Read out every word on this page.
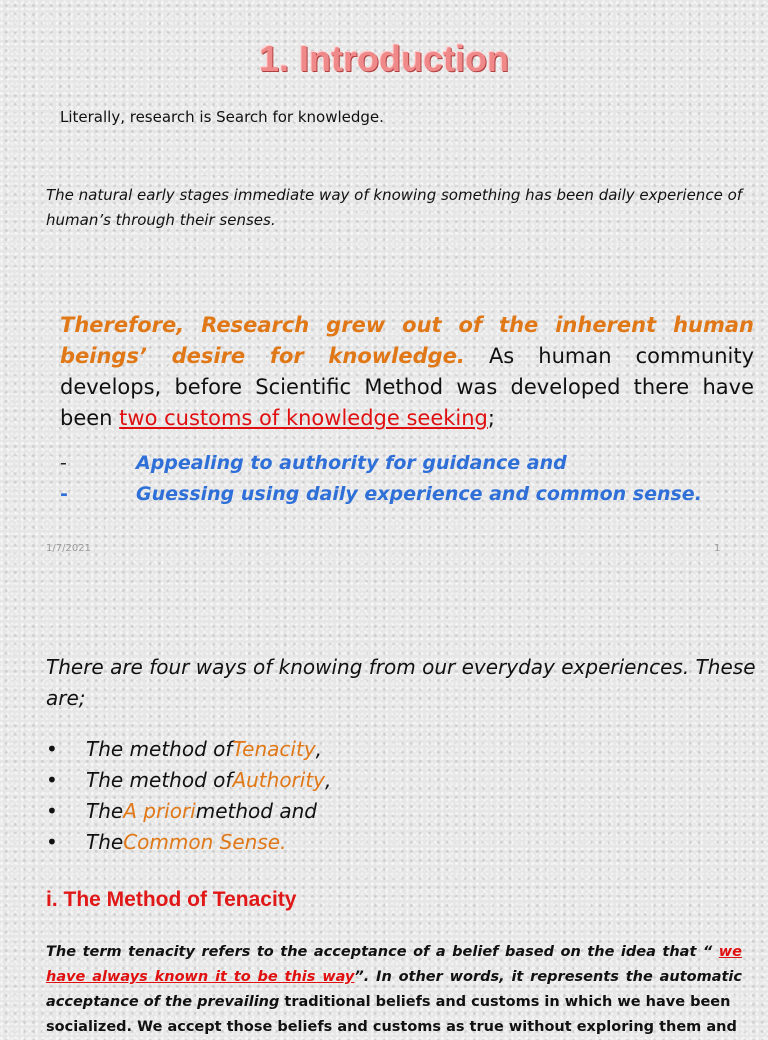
1. Introduction

Literally, research is Search for knowledge.

The natural early stages immediate way of knowing something has been daily experience of human’s through their senses.

Therefore, Research grew out of the inherent human beings’ desire for knowledge. As human community develops, before Scientific Method was developed there have been two customs of knowledge seeking;

-	Appealing to authority for guidance and
-	Guessing using daily experience and common sense.
1/7/2021	1

There are four ways of knowing from our everyday experiences. These are;

•	The method of Tenacity ,
•	The method of Authority ,
•	The A priori method and
•	The Common Sense.
i. The Method of Tenacity

The term tenacity refers to the acceptance of a belief based on the idea that “ we have always known it to be this way”. In other words, it represents the automatic acceptance of the prevailing traditional beliefs and customs in which we have been
socialized. We accept those beliefs and customs as true without exploring them and
